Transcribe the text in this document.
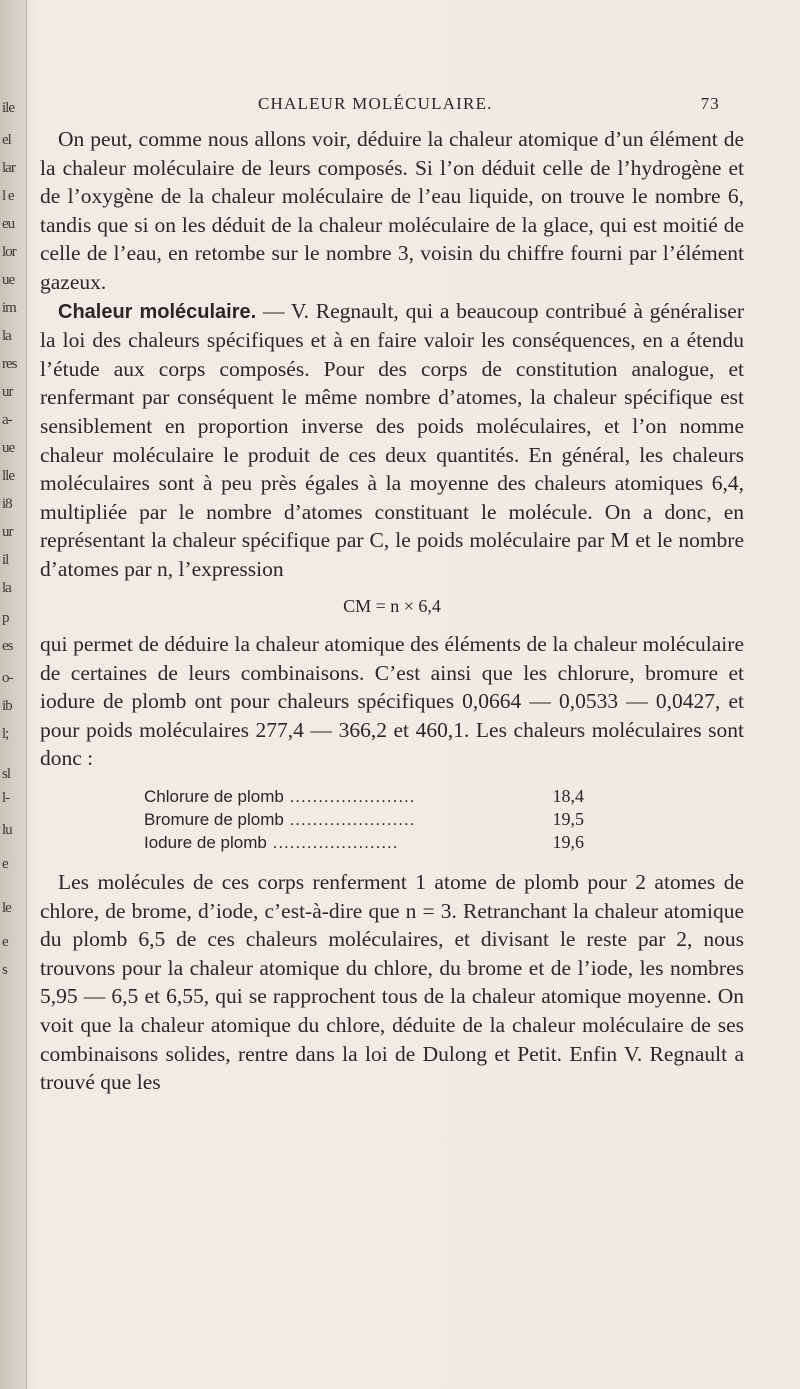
ile
el
lar
l e
eu
lor
ue
im
la
res
ur
a-
ue
lle
i8
ur
il
la
p
es
o-
ib
l;
sl
l-
lu
e
le
e
s
CHALEUR MOLÉCULAIRE.	73

On peut, comme nous allons voir, déduire la chaleur atomique d’un élément de la chaleur moléculaire de leurs composés. Si l’on déduit celle de l’hydrogène et de l’oxygène de la chaleur moléculaire de l’eau liquide, on trouve le nombre 6, tandis que si on les déduit de la chaleur moléculaire de la glace, qui est moitié de celle de l’eau, en retombe sur le nombre 3, voisin du chiffre fourni par l’élément gazeux.

Chaleur moléculaire. — V. Regnault, qui a beaucoup contribué à généraliser la loi des chaleurs spécifiques et à en faire valoir les conséquences, en a étendu l’étude aux corps composés. Pour des corps de constitution analogue, et renfermant par conséquent le même nombre d’atomes, la chaleur spécifique est sensiblement en proportion inverse des poids moléculaires, et l’on nomme chaleur moléculaire le produit de ces deux quantités. En général, les chaleurs moléculaires sont à peu près égales à la moyenne des chaleurs atomiques 6,4, multipliée par le nombre d’atomes constituant le molécule. On a donc, en représentant la chaleur spécifique par C, le poids moléculaire par M et le nombre d’atomes par n, l’expression

CM = n × 6,4

qui permet de déduire la chaleur atomique des éléments de la chaleur moléculaire de certaines de leurs combinaisons. C’est ainsi que les chlorure, bromure et iodure de plomb ont pour chaleurs spécifiques 0,0664 — 0,0533 — 0,0427, et pour poids moléculaires 277,4 — 366,2 et 460,1. Les chaleurs moléculaires sont donc :

Chlorure de plomb .....	18,4
Bromure de plomb .....	19,5
Iodure de plomb .....	19,6

Les molécules de ces corps renferment 1 atome de plomb pour 2 atomes de chlore, de brome, d’iode, c’est-à-dire que n = 3. Retranchant la chaleur atomique du plomb 6,5 de ces chaleurs moléculaires, et divisant le reste par 2, nous trouvons pour la chaleur atomique du chlore, du brome et de l’iode, les nombres 5,95 — 6,5 et 6,55, qui se rapprochent tous de la chaleur atomique moyenne. On voit que la chaleur atomique du chlore, déduite de la chaleur moléculaire de ses combinaisons solides, rentre dans la loi de Dulong et Petit. Enfin V. Regnault a trouvé que les
